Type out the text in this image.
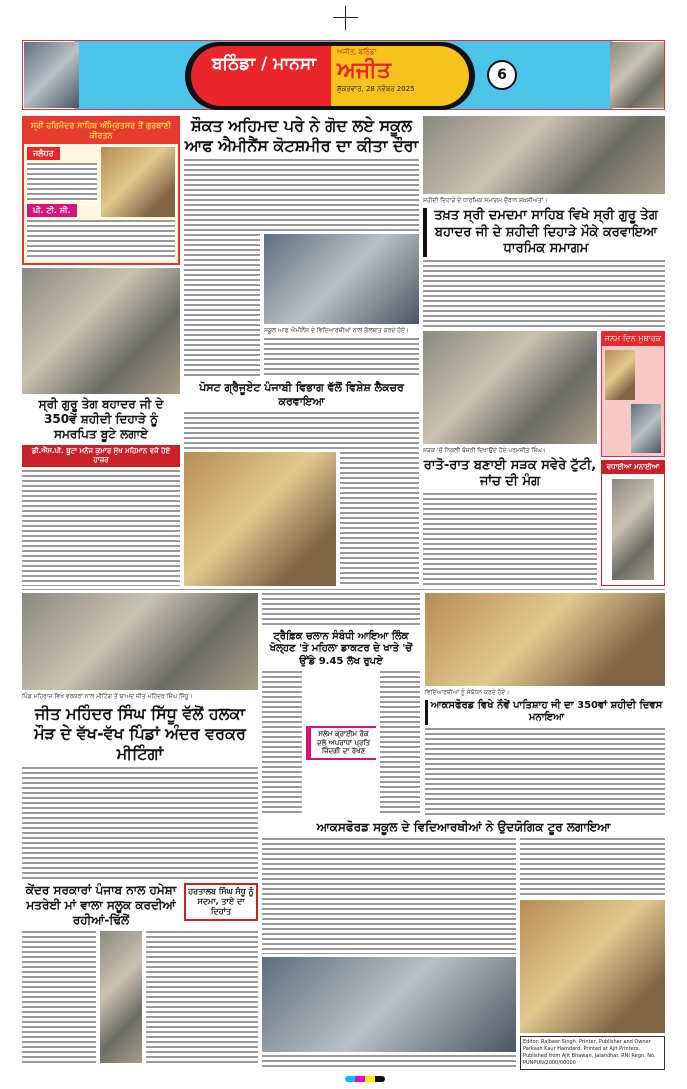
ਬਠਿੰਡਾ / ਮਾਨਸਾ
ਅਜੀਤ, ਬਠਿੰਡਾ
ਅਜੀਤ
ਸ਼ੁੱਕਰਵਾਰ, 28 ਨਵੰਬਰ 2025
6
ਸ੍ਰੀ ਹਰਿਮੰਦਰ ਸਾਹਿਬ ਅੰਮ੍ਰਿਤਸਰ ਤੋਂ ਗੁਰਬਾਣੀ ਕੀਰਤਨ
ਜਲੰਧਰ
ਪੀ. ਟੀ. ਸੀ.
ਸ੍ਰੀ ਗੁਰੂ ਤੇਗ ਬਹਾਦਰ ਜੀ ਦੇ 350ਵੇਂ ਸ਼ਹੀਦੀ ਦਿਹਾੜੇ ਨੂੰ ਸਮਰਪਿਤ ਬੂਟੇ ਲਗਾਏ
ਡੀ.ਐੱਸ.ਪੀ. ਬੂਟਾ ਮਨੋਜ ਕੁਮਾਰ ਮੁੱਖ ਮਹਿਮਾਨ ਵਜੋਂ ਹੋਏ ਹਾਜ਼ਰ
ਸ਼ੌਕਤ ਅਹਿਮਦ ਪਰੇ ਨੇ ਗੋਦ ਲਏ ਸਕੂਲ ਆਫ ਐਮੀਨੈਂਸ ਕੋਟਸ਼ਮੀਰ ਦਾ ਕੀਤਾ ਦੌਰਾ
ਸਕੂਲ ਆਫ ਐਮੀਨੈਂਸ ਦੇ ਵਿਦਿਆਰਥੀਆਂ ਨਾਲ ਗੱਲਬਾਤ ਕਰਦੇ ਹੋਏ।
ਪੋਸਟ ਗ੍ਰੈਜੂਏਟ ਪੰਜਾਬੀ ਵਿਭਾਗ ਵੱਲੋਂ ਵਿਸ਼ੇਸ਼ ਲੈਕਚਰ ਕਰਵਾਇਆ
ਸ਼ਹੀਦੀ ਦਿਹਾੜੇ ਦੇ ਧਾਰਮਿਕ ਸਮਾਗਮ ਦੌਰਾਨ ਸ਼ਖ਼ਸੀਅਤਾਂ।
ਤਖ਼ਤ ਸ੍ਰੀ ਦਮਦਮਾ ਸਾਹਿਬ ਵਿਖੇ ਸ੍ਰੀ ਗੁਰੂ ਤੇਗ ਬਹਾਦਰ ਜੀ ਦੇ ਸ਼ਹੀਦੀ ਦਿਹਾੜੇ ਮੌਕੇ ਕਰਵਾਇਆ ਧਾਰਮਿਕ ਸਮਾਗਮ
ਸੜਕ 'ਚੋਂ ਨਿਕਲੀ ਬੱਜਰੀ ਦਿਖਾਉਂਦੇ ਹੋਏ ਪਰਮਜੀਤ ਸਿੰਘ।
ਰਾਤੋ-ਰਾਤ ਬਣਾਈ ਸੜਕ ਸਵੇਰੇ ਟੁੱਟੀ, ਜਾਂਚ ਦੀ ਮੰਗ
ਜਨਮ ਦਿਨ ਮੁਬਾਰਕ
ਵਧਾਈਆਂ ਮਨਾਈਆਂ
ਪਿੰਡ ਮਹਿਰਾਜ ਵਿਖੇ ਵਰਕਰਾਂ ਨਾਲ ਮੀਟਿੰਗ ਤੋਂ ਬਾਅਦ ਜੀਤ ਮਹਿੰਦਰ ਸਿੰਘ ਸਿੱਧੂ।
ਜੀਤ ਮਹਿੰਦਰ ਸਿੰਘ ਸਿੱਧੂ ਵੱਲੋਂ ਹਲਕਾ ਮੌੜ ਦੇ ਵੱਖ-ਵੱਖ ਪਿੰਡਾਂ ਅੰਦਰ ਵਰਕਰ ਮੀਟਿੰਗਾਂ
ਕੇਂਦਰ ਸਰਕਾਰਾਂ ਪੰਜਾਬ ਨਾਲ ਹਮੇਸ਼ਾ ਮਤਰੇਈ ਮਾਂ ਵਾਲਾ ਸਲੂਕ ਕਰਦੀਆਂ ਰਹੀਆਂ-ਢਿੱਲੋਂ
ਹਰਤਾਲਬ ਸਿੰਘ ਸੰਧੂ ਨੂੰ ਸਦਮਾ, ਤਾਏ ਦਾ ਦਿਹਾਂਤ
ਟ੍ਰੈਫ਼ਿਕ ਚਲਾਨ ਸੰਬੰਧੀ ਆਇਆ ਲਿੰਕ ਖੋਲ੍ਹਣ 'ਤੇ ਮਹਿਲਾ ਡਾਕਟਰ ਦੇ ਖਾਤੇ 'ਚੋਂ ਉੱਡੇ 9.45 ਲੱਖ ਰੁਪਏ
ਸਲੇਮ ਕ੍ਰਾਈਮ ਰੋਕ ਦਲੇ ਅਪਰਾਧਾਂ ਪ੍ਰਤਿ ਜ਼ਿੰਦਗੀ ਦਾ ਰੱਖਣ
ਵਿਦਿਆਰਥੀਆਂ ਨੂੰ ਸੰਬੋਧਨ ਕਰਦੇ ਹੋਏ।
ਆਕਸਫੋਰਡ ਵਿਖੇ ਨੌਵੇਂ ਪਾਤਿਸ਼ਾਹ ਜੀ ਦਾ 350ਵਾਂ ਸ਼ਹੀਦੀ ਦਿਵਸ ਮਨਾਇਆ
ਆਕਸਫੋਰਡ ਸਕੂਲ ਦੇ ਵਿਦਿਆਰਥੀਆਂ ਨੇ ਉਦਯੋਗਿਕ ਟੂਰ ਲਗਾਇਆ
Editor: Rajbeer Singh. Printer, Publisher and Owner Parkash Kaur Hamdard. Printed at Ajit Printers, Published from Ajit Bhawan, Jalandhar. RNI Regn. No. PUNPUN/2000/00000
